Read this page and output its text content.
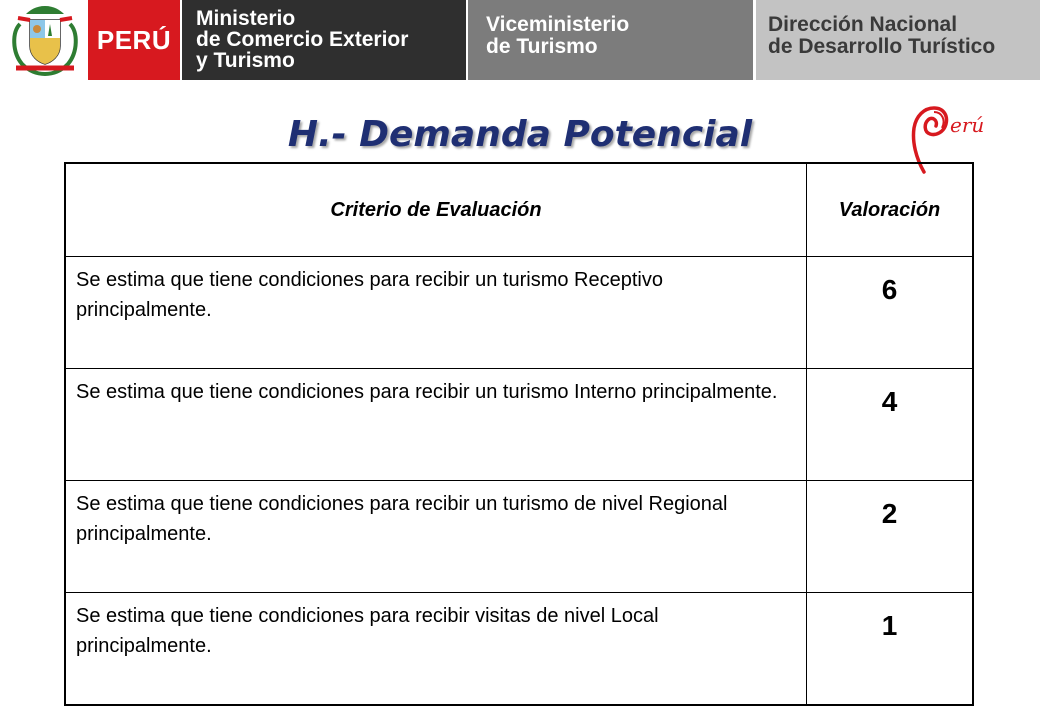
PERÚ
Ministerio
de Comercio Exterior
y Turismo
Viceministerio
de Turismo
Dirección Nacional
de Desarrollo Turístico
H.- Demanda Potencial	erú
Criterio de Evaluación	Valoración
Se estima que tiene condiciones para recibir un turismo Receptivo principalmente.	6
Se estima que tiene condiciones para recibir un turismo Interno principalmente.	4
Se estima que tiene condiciones para recibir un turismo de nivel Regional principalmente.	2
Se estima que tiene condiciones para recibir visitas de nivel Local principalmente.	1
